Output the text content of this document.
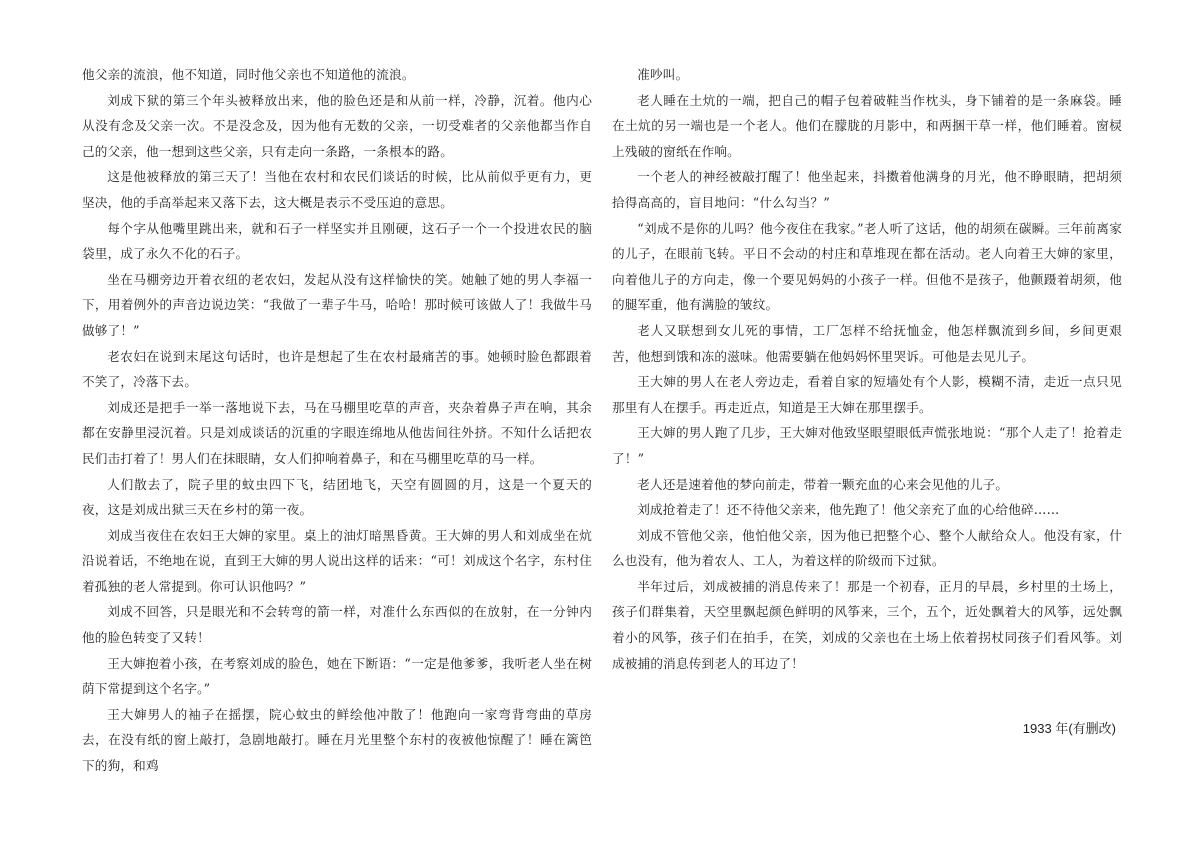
他父亲的流浪，他不知道，同时他父亲也不知道他的流浪。

刘成下狱的第三个年头被释放出来，他的脸色还是和从前一样，冷静，沉着。他内心从没有念及父亲一次。不是没念及，因为他有无数的父亲，一切受难者的父亲他都当作自己的父亲，他一想到这些父亲，只有走向一条路，一条根本的路。

这是他被释放的第三天了！当他在农村和农民们谈话的时候，比从前似乎更有力，更坚决，他的手高举起来又落下去，这大概是表示不受压迫的意思。

每个字从他嘴里跳出来，就和石子一样坚实并且刚硬，这石子一个一个投进农民的脑袋里，成了永久不化的石子。

坐在马棚旁边开着衣纽的老农妇，发起从没有这样愉快的笑。她触了她的男人李福一下，用着例外的声音边说边笑：“我做了一辈子牛马，哈哈！那时候可该做人了！我做牛马做够了！”

老农妇在说到末尾这句话时，也许是想起了生在农村最痛苦的事。她顿时脸色都跟着不笑了，冷落下去。

刘成还是把手一举一落地说下去，马在马棚里吃草的声音，夹杂着鼻子声在响，其余都在安静里浸沉着。只是刘成谈话的沉重的字眼连绵地从他齿间往外挤。不知什么话把农民们击打着了！男人们在抹眼睛，女人们抑响着鼻子，和在马棚里吃草的马一样。

人们散去了，院子里的蚊虫四下飞，结团地飞，天空有圆圆的月，这是一个夏天的夜，这是刘成出狱三天在乡村的第一夜。

刘成当夜住在农妇王大婶的家里。桌上的油灯暗黑昏黄。王大婶的男人和刘成坐在炕沿说着话，不绝地在说，直到王大婶的男人说出这样的话来：“可！刘成这个名字，东村住着孤独的老人常提到。你可认识他吗？”

刘成不回答，只是眼光和不会转弯的箭一样，对准什么东西似的在放射，在一分钟内他的脸色转变了又转！

王大婶抱着小孩，在考察刘成的脸色，她在下断语：“一定是他爹爹，我听老人坐在树荫下常提到这个名字。”

王大婶男人的袖子在摇摆，院心蚊虫的鲜绘他冲散了！他跑向一家弯背弯曲的草房去，在没有纸的窗上敲打，急剧地敲打。睡在月光里整个东村的夜被他惊醒了！睡在篱笆下的狗，和鸡

准吵叫。

老人睡在土炕的一端，把自己的帽子包着破鞋当作枕头，身下铺着的是一条麻袋。睡在土炕的另一端也是一个老人。他们在朦胧的月影中，和两捆干草一样，他们睡着。窗棂上残破的窗纸在作响。

一个老人的神经被敲打醒了！他坐起来，抖擞着他满身的月光，他不睁眼睛，把胡须拾得高高的，盲目地问：“什么勾当？”

“刘成不是你的儿吗？他今夜住在我家。”老人听了这话，他的胡须在碳瞬。三年前离家的儿子，在眼前飞转。平日不会动的村庄和草堆现在都在活动。老人向着王大婶的家里，向着他儿子的方向走，像一个要见妈妈的小孩子一样。但他不是孩子，他颤蹑着胡须，他的腿军重，他有满脸的皱纹。

老人又联想到女儿死的事情，工厂怎样不给抚恤金，他怎样飘流到乡间，乡间更艰苦，他想到饿和冻的滋味。他需要躺在他妈妈怀里哭诉。可他是去见儿子。

王大婶的男人在老人旁边走，看着自家的短墙处有个人影，模糊不清，走近一点只见那里有人在摆手。再走近点，知道是王大婶在那里摆手。

王大婶的男人跑了几步，王大婶对他致坚眼望眼低声慌张地说：“那个人走了！抢着走了！”

老人还是速着他的梦向前走，带着一颗充血的心来会见他的儿子。

刘成抢着走了！还不待他父亲来，他先跑了！他父亲充了血的心给他碎……

刘成不管他父亲，他怕他父亲，因为他已把整个心、整个人献给众人。他没有家，什么也没有，他为着农人、工人，为着这样的阶级而下过狱。

半年过后，刘成被捕的消息传来了！那是一个初春，正月的早晨，乡村里的土场上，孩子们群集着，天空里飘起颜色鲜明的风筝来，三个，五个，近处飘着大的风筝，远处飘着小的风筝，孩子们在拍手，在笑，刘成的父亲也在土场上依着拐杖同孩子们看风筝。刘成被捕的消息传到老人的耳边了！

1933 年(有删改)
